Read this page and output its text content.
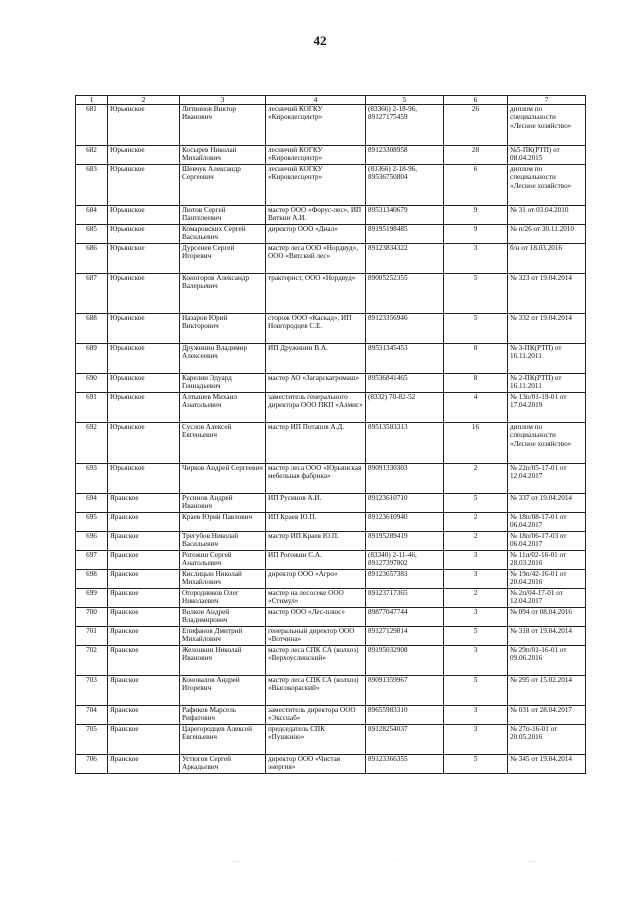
42
1	2	3	4	5	6	7
681	Юрьянское	Литвинов Виктор Иванович	лесничий КОГКУ «Кировлесцентр»	(83366) 2-18-96, 89127175459	26	диплом по специальности «Лесное хозяйство»
682	Юрьянское	Косырев Николай Михайлович	лесничий КОГКУ «Кировлесцентр»	89123308958	28	№5-ПК(РТП) от 08.04.2015
683	Юрьянское	Шевчук Александр Сергеевич	лесничий КОГКУ «Кировлесцентр»	(83366) 2-18-96, 89536750804	6	диплом по специальности «Лесное хозяйство»
684	Юрьянское	Лютов Сергей Пантелеевич	мастер ООО «Форус-лес», ИП Вяткин А.И.	89531340679	9	№ 31 от 03.04.2010
685	Юрьянское	Комаровских Сергей Васильевич	директор ООО «Диал»	89195198485	9	№ п/26 от 30.11.2010
686	Юрьянское	Дурсенев Сергей Игоревич	мастер леса ООО «Нордвуд», ООО «Вятский лес»	89123834322	3	б/н от 18.03.2016
687	Юрьянское	Коногоров Александр Валерьевич	тракторист, ООО «Нордвуд»	89005252355	5	№ 323 от 19.04.2014
688	Юрьянское	Назаров Юрий Викторович	сторож ООО «Каскад», ИП Новгородцев С.Е.	89123356946	5	№ 332 от 19.04.2014
689	Юрьянское	Дружинин Владимир Алексеевич	ИП Дружинин В.А.	89531345453	8	№ 3-ПК(РТП) от 16.11.2011
690	Юрьянское	Карелин Эдуард Геннадьевич	мастер АО «Загарскагромаш»	89536841465	8	№ 2-ПК(РТП) от 16.11.2011
691	Юрьянское	Алтышев Михаил Анатольевич	заместитель генерального директора ООО ПКП «Алмис»	(8332) 70-82-52	4	№ 13п/01-19-01 от 17.04.2019
692	Юрьянское	Суслов Алексей Евгеньевич	мастер ИП Потапов А.Д.	89513503313	16	диплом по специальности «Лесное хозяйство»
693	Юрьянское	Чирков Андрей Сергеевич	мастер леса ООО «Юрьянская мебельная фабрика»	89091330303	2	№ 22п/05-17-01 от 12.04.2017
694	Яранское	Русинов Андрей Иванович	ИП Русинов А.И.	89123610710	5	№ 337 от 19.04.2014
695	Яранское	Краев Юрий Павлович	ИП Краев Ю.П.	89123610940	2	№ 18п/08-17-01 от 06.04.2017
696	Яранское	Трегубов Николай Васильевич	мастер ИП Краев Ю.П.	89195289419	2	№ 18п/06-17-03 от 06.04.2017
697	Яранское	Рогожин Сергей Анатольевич	ИП Рогожин С.А.	(83340) 2-11-46, 89127397802	3	№ 11п/02-16-01 от 28.03.2016
698	Яранское	Кислицын Николай Михайлович	директор ООО «Агро»	89123657383	3	№ 19п/42-16-01 от 20.04.2016
699	Яранское	Огородников Олег Николаевич	мастер на лесосеке ООО «Стимул»	89123717365	2	№ 2п/04-17-01 от 12.04.2017
700	Яранское	Волков Андрей Владимирович	мастер ООО «Лес-плюс»	89877047744	3	№ 094 от 08.04.2016
701	Яранское	Епифанов Дмитрий Михайлович	генеральный директор ООО «Вотчина»	89127129814	5	№ 318 от 19.04.2014
702	Яранское	Желонкин Николай Иванович	мастер леса СПК СА (колхоз) «Верхоуслинский»	89195032908	3	№ 29п/01-16-01 от 09.06.2016
703	Яранское	Коновалов Андрей Игоревич	мастер леса СПК СА (колхоз) «Высокораский»	89091359967	5	№ 295 от 15.02.2014
704	Яранское	Рафиков Марсель Рифатович	заместитель директора ООО «Эксснаб»	89655983310	3	№ 031 от 28.04.2017
705	Яранское	Царегородцев Алексей Евгеньевич	председатель СПК «Пушкино»	89128254037	3	№ 27п-16-01 от 20.05.2016
706	Яранское	Устюгов Сергей Аркадьевич	директор ООО «Чистая энергия»	89123366355	5	№ 345 от 19.04.2014
. . .	·	. . .
